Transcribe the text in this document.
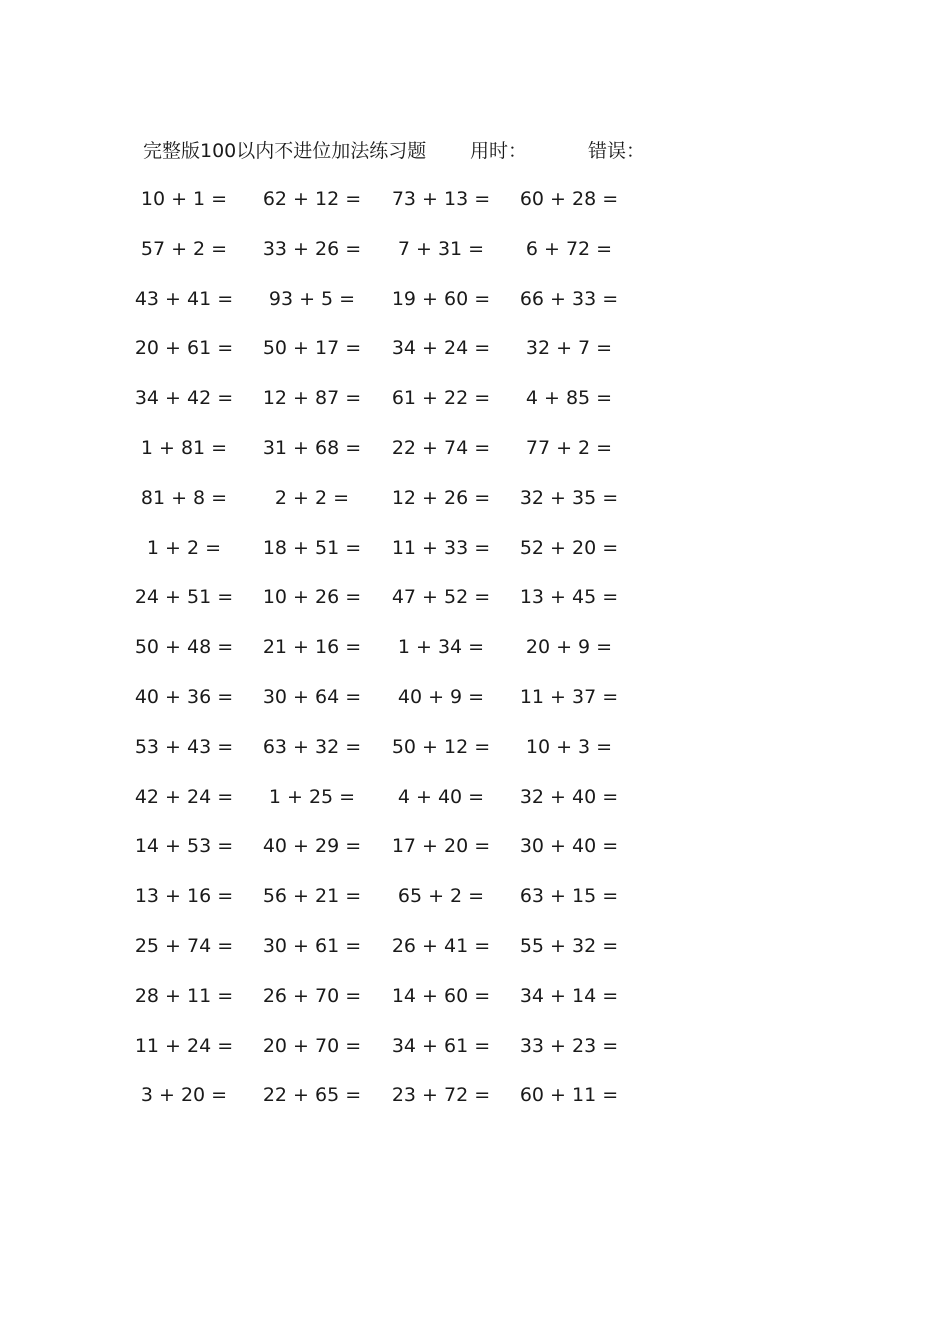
完整版100以内不进位加法练习题 用时：	错误：
10 + 1 =	62 + 12 =	73 + 13 =	60 + 28 =
57 + 2 =	33 + 26 =	7 + 31 =	6 + 72 =
43 + 41 =	93 + 5 =	19 + 60 =	66 + 33 =
20 + 61 =	50 + 17 =	34 + 24 =	32 + 7 =
34 + 42 =	12 + 87 =	61 + 22 =	4 + 85 =
1 + 81 =	31 + 68 =	22 + 74 =	77 + 2 =
81 + 8 =	2 + 2 =	12 + 26 =	32 + 35 =
1 + 2 =	18 + 51 =	11 + 33 =	52 + 20 =
24 + 51 =	10 + 26 =	47 + 52 =	13 + 45 =
50 + 48 =	21 + 16 =	1 + 34 =	20 + 9 =
40 + 36 =	30 + 64 =	40 + 9 =	11 + 37 =
53 + 43 =	63 + 32 =	50 + 12 =	10 + 3 =
42 + 24 =	1 + 25 =	4 + 40 =	32 + 40 =
14 + 53 =	40 + 29 =	17 + 20 =	30 + 40 =
13 + 16 =	56 + 21 =	65 + 2 =	63 + 15 =
25 + 74 =	30 + 61 =	26 + 41 =	55 + 32 =
28 + 11 =	26 + 70 =	14 + 60 =	34 + 14 =
11 + 24 =	20 + 70 =	34 + 61 =	33 + 23 =
3 + 20 =	22 + 65 =	23 + 72 =	60 + 11 =
